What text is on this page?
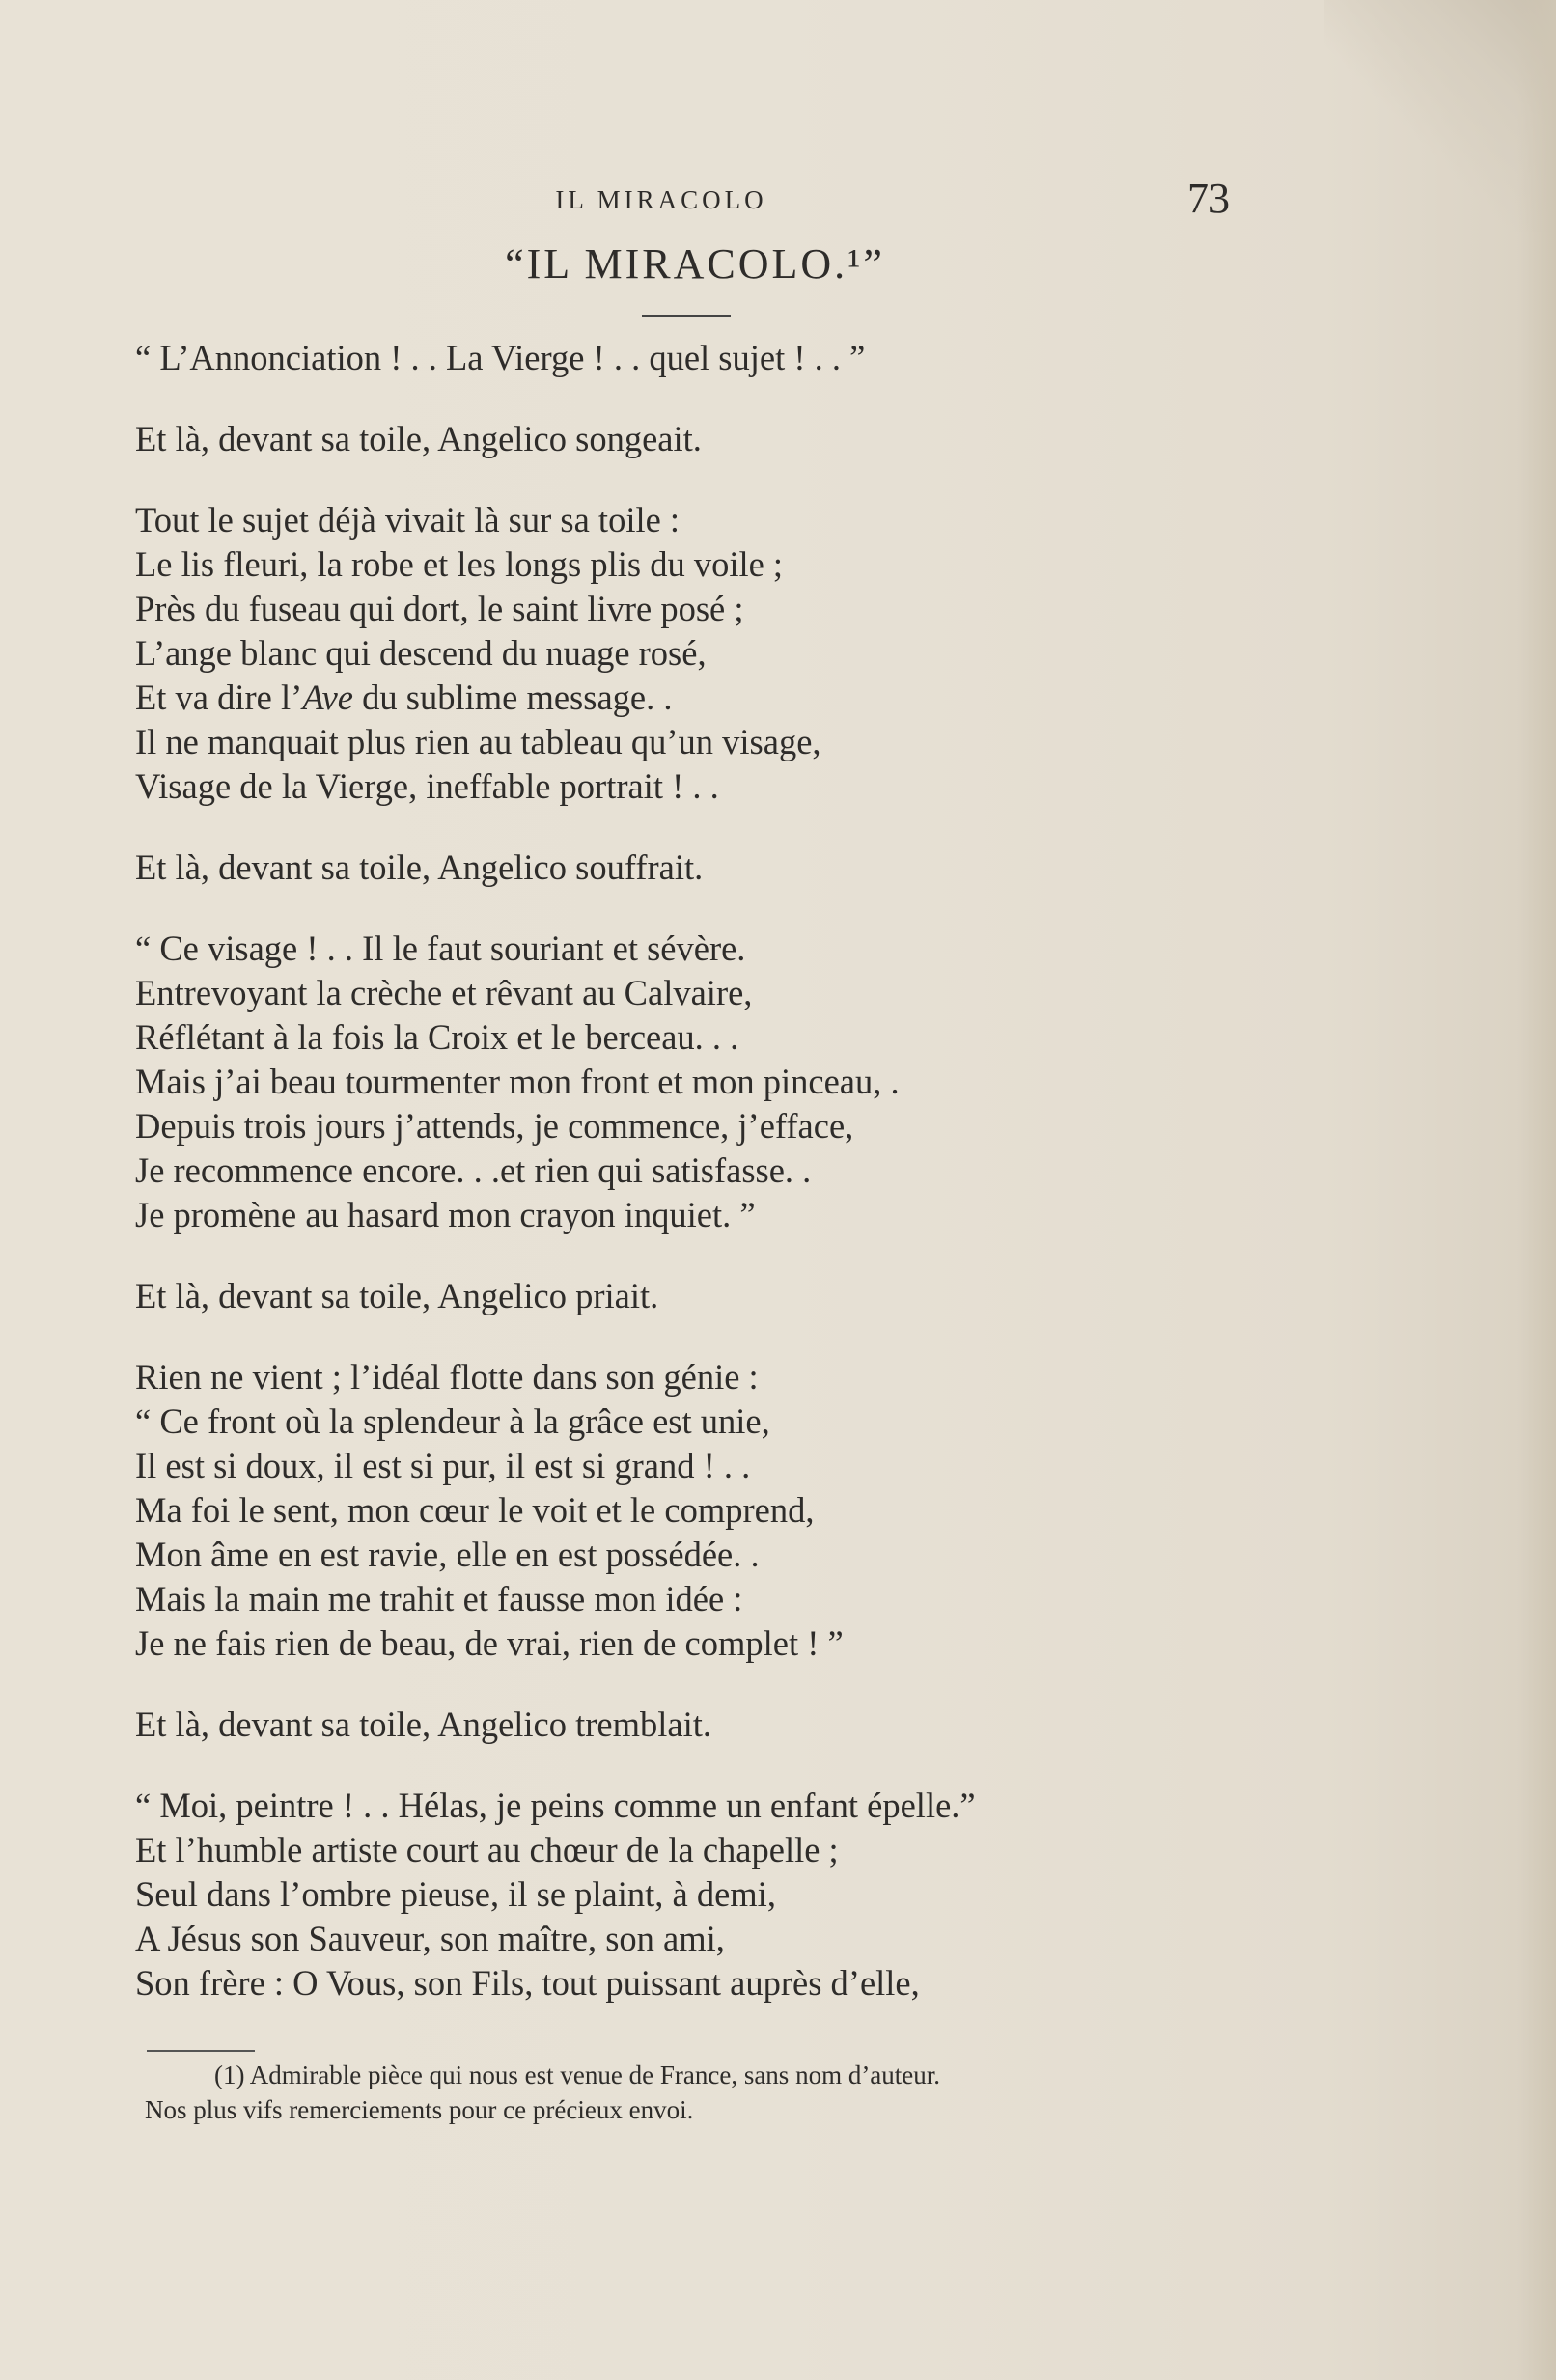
IL MIRACOLO	73
“IL MIRACOLO.¹”
“ L’Annonciation ! . . La Vierge ! . . quel sujet ! . . ”
Et là, devant sa toile, Angelico songeait.
Tout le sujet déjà vivait là sur sa toile :
Le lis fleuri, la robe et les longs plis du voile ;
Près du fuseau qui dort, le saint livre posé ;
L’ange blanc qui descend du nuage rosé,
Et va dire l’Ave du sublime message. .
Il ne manquait plus rien au tableau qu’un visage,
Visage de la Vierge, ineffable portrait ! . .
Et là, devant sa toile, Angelico souffrait.
“ Ce visage ! . . Il le faut souriant et sévère.
Entrevoyant la crèche et rêvant au Calvaire,
Réflétant à la fois la Croix et le berceau. . .
Mais j’ai beau tourmenter mon front et mon pinceau, .
Depuis trois jours j’attends, je commence, j’efface,
Je recommence encore. . .et rien qui satisfasse. .
Je promène au hasard mon crayon inquiet. ”
Et là, devant sa toile, Angelico priait.
Rien ne vient ; l’idéal flotte dans son génie :
“ Ce front où la splendeur à la grâce est unie,
Il est si doux, il est si pur, il est si grand ! . .
Ma foi le sent, mon cœur le voit et le comprend,
Mon âme en est ravie, elle en est possédée. .
Mais la main me trahit et fausse mon idée :
Je ne fais rien de beau, de vrai, rien de complet ! ”
Et là, devant sa toile, Angelico tremblait.
“ Moi, peintre ! . . Hélas, je peins comme un enfant épelle.”
Et l’humble artiste court au chœur de la chapelle ;
Seul dans l’ombre pieuse, il se plaint, à demi,
A Jésus son Sauveur, son maître, son ami,
Son frère : O Vous, son Fils, tout puissant auprès d’elle,
(1) Admirable pièce qui nous est venue de France, sans nom d’auteur.
Nos plus vifs remerciements pour ce précieux envoi.
